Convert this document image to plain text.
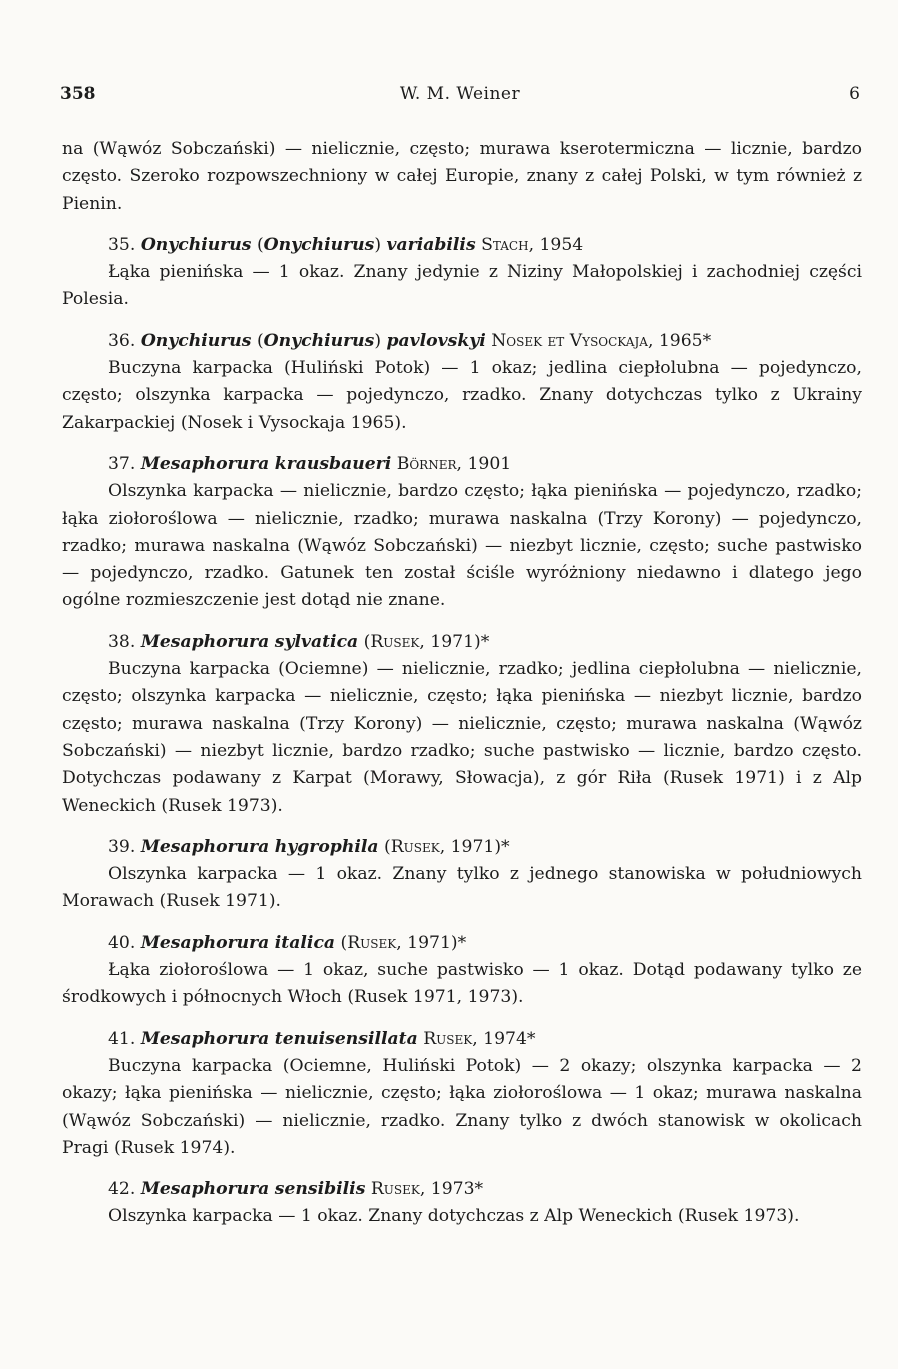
358	W. M. Weiner	6

na (Wąwóz Sobczański) — nielicznie, często; murawa kserotermiczna — licznie, bardzo często. Szeroko rozpowszechniony w całej Europie, znany z całej Polski, w tym również z Pienin.

35. Onychiurus (Onychiurus) variabilis Stach, 1954

Łąka pienińska — 1 okaz. Znany jedynie z Niziny Małopolskiej i zachodniej części Polesia.

36. Onychiurus (Onychiurus) pavlovskyi Nosek et Vysockaja, 1965*

Buczyna karpacka (Huliński Potok) — 1 okaz; jedlina ciepłolubna — pojedynczo, często; olszynka karpacka — pojedynczo, rzadko. Znany dotychczas tylko z Ukrainy Zakarpackiej (Nosek i Vysockaja 1965).

37. Mesaphorura krausbaueri Börner, 1901

Olszynka karpacka — nielicznie, bardzo często; łąka pienińska — pojedynczo, rzadko; łąka ziołoroślowa — nielicznie, rzadko; murawa naskalna (Trzy Korony) — pojedynczo, rzadko; murawa naskalna (Wąwóz Sobczański) — niezbyt licznie, często; suche pastwisko — pojedynczo, rzadko. Gatunek ten został ściśle wyróżniony niedawno i dlatego jego ogólne rozmieszczenie jest dotąd nie znane.

38. Mesaphorura sylvatica (Rusek, 1971)*

Buczyna karpacka (Ociemne) — nielicznie, rzadko; jedlina ciepłolubna — nielicznie, często; olszynka karpacka — nielicznie, często; łąka pienińska — niezbyt licznie, bardzo często; murawa naskalna (Trzy Korony) — nielicznie, często; murawa naskalna (Wąwóz Sobczański) — niezbyt licznie, bardzo rzadko; suche pastwisko — licznie, bardzo często. Dotychczas podawany z Karpat (Morawy, Słowacja), z gór Riła (Rusek 1971) i z Alp Weneckich (Rusek 1973).

39. Mesaphorura hygrophila (Rusek, 1971)*

Olszynka karpacka — 1 okaz. Znany tylko z jednego stanowiska w południowych Morawach (Rusek 1971).

40. Mesaphorura italica (Rusek, 1971)*

Łąka ziołoroślowa — 1 okaz, suche pastwisko — 1 okaz. Dotąd podawany tylko ze środkowych i północnych Włoch (Rusek 1971, 1973).

41. Mesaphorura tenuisensillata Rusek, 1974*

Buczyna karpacka (Ociemne, Huliński Potok) — 2 okazy; olszynka karpacka — 2 okazy; łąka pienińska — nielicznie, często; łąka ziołoroślowa — 1 okaz; murawa naskalna (Wąwóz Sobczański) — nielicznie, rzadko. Znany tylko z dwóch stanowisk w okolicach Pragi (Rusek 1974).

42. Mesaphorura sensibilis Rusek, 1973*

Olszynka karpacka — 1 okaz. Znany dotychczas z Alp Weneckich (Rusek 1973).
